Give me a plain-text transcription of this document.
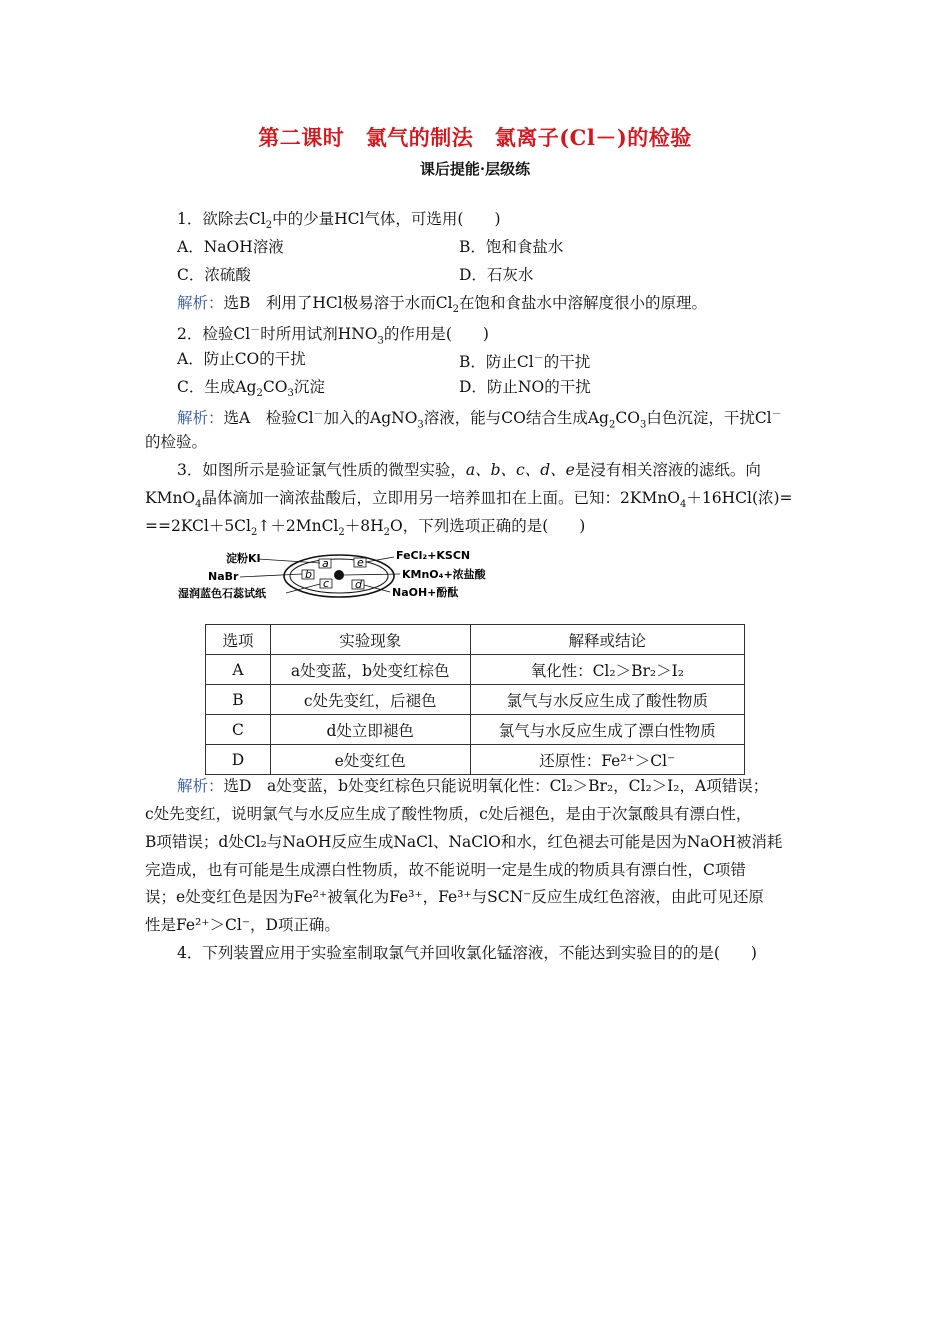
第二课时　氯气的制法　氯离子(Cl－)的检验
课后提能·层级练
1．欲除去$Cl_2$中的少量HCl气体，可选用(　　)
A．NaOH溶液	B．饱和食盐水
C．浓硫酸	D．石灰水
解析：选B　利用了HCl极易溶于水而$Cl_2$在饱和食盐水中溶解度很小的原理。
2．检验Cl－时所用试剂$HNO_3$的作用是(　　)
A．防止CO的干扰	B．防止Cl－的干扰
C．生成$Ag_2CO_3$沉淀	D．防止NO的干扰
解析：选A　检验Cl－加入的AgNO$_3$溶液，能与CO结合生成$Ag_2CO_3$白色沉淀，干扰Cl－
的检验。
3．如图所示是验证氯气性质的微型实验，a、b、c、d、e是浸有相关溶液的滤纸。向
KMnO$_4$晶体滴加一滴浓盐酸后，立即用另一培养皿扣在上面。已知：2KMnO$_4$＋16HCl(浓)=
$==2KCl+5Cl_2↑+2MnCl_2+8H_2O$，下列选项正确的是(　　)
a
b
c d
e
淀粉KI
NaBr
湿润蓝色石蕊试纸
FeCl₂+KSCN
KMnO₄+浓盐酸
NaOH+酚酞
选项	实验现象	解释或结论
A	a处变蓝，b处变红棕色	氧化性：Cl₂＞Br₂＞I₂
B	c处先变红，后褪色	氯气与水反应生成了酸性物质
C	d处立即褪色	氯气与水反应生成了漂白性物质
D	e处变红色	还原性：Fe²⁺＞Cl⁻
解析：选D　a处变蓝，b处变红棕色只能说明氧化性：Cl₂＞Br₂，Cl₂＞I₂，A项错误；
c处先变红，说明氯气与水反应生成了酸性物质，c处后褪色，是由于次氯酸具有漂白性，
B项错误；d处Cl₂与NaOH反应生成NaCl、NaClO和水，红色褪去可能是因为NaOH被消耗
完造成，也有可能是生成漂白性物质，故不能说明一定是生成的物质具有漂白性，C项错
误；e处变红色是因为Fe²⁺被氧化为Fe³⁺，Fe³⁺与SCN⁻反应生成红色溶液，由此可见还原
性是Fe²⁺＞Cl⁻，D项正确。
4．下列装置应用于实验室制取氯气并回收氯化锰溶液，不能达到实验目的的是(　　)
